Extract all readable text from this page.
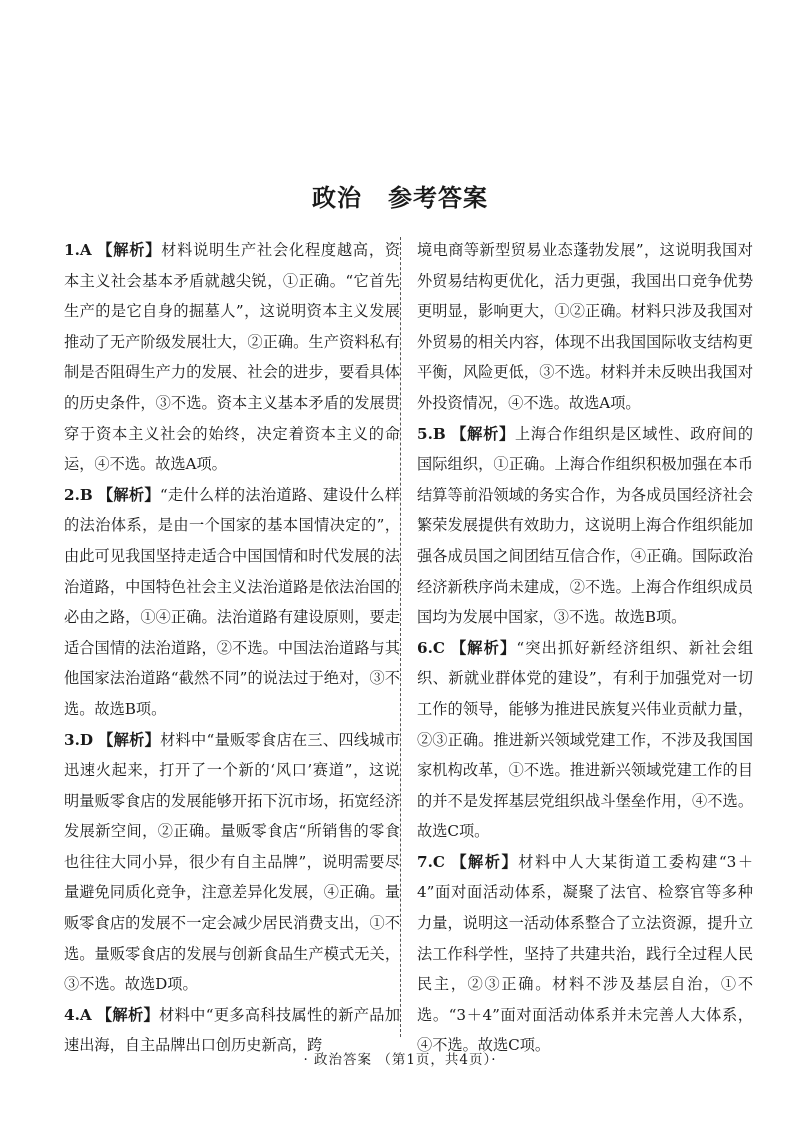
政治 参考答案

1.A 【解析】材料说明生产社会化程度越高，资本主义社会基本矛盾就越尖锐，①正确。“它首先生产的是它自身的掘墓人”，这说明资本主义发展推动了无产阶级发展壮大，②正确。生产资料私有制是否阻碍生产力的发展、社会的进步，要看具体的历史条件，③不选。资本主义基本矛盾的发展贯穿于资本主义社会的始终，决定着资本主义的命运，④不选。故选A项。

2.B 【解析】“走什么样的法治道路、建设什么样的法治体系，是由一个国家的基本国情决定的”，由此可见我国坚持走适合中国国情和时代发展的法治道路，中国特色社会主义法治道路是依法治国的必由之路，①④正确。法治道路有建设原则，要走适合国情的法治道路，②不选。中国法治道路与其他国家法治道路“截然不同”的说法过于绝对，③不选。故选B项。

3.D 【解析】材料中“量贩零食店在三、四线城市迅速火起来，打开了一个新的‘风口’赛道”，这说明量贩零食店的发展能够开拓下沉市场，拓宽经济发展新空间，②正确。量贩零食店“所销售的零食也往往大同小异，很少有自主品牌”，说明需要尽量避免同质化竞争，注意差异化发展，④正确。量贩零食店的发展不一定会减少居民消费支出，①不选。量贩零食店的发展与创新食品生产模式无关，③不选。故选D项。

4.A 【解析】材料中“更多高科技属性的新产品加速出海，自主品牌出口创历史新高，跨

境电商等新型贸易业态蓬勃发展”，这说明我国对外贸易结构更优化，活力更强，我国出口竞争优势更明显，影响更大，①②正确。材料只涉及我国对外贸易的相关内容，体现不出我国国际收支结构更平衡，风险更低，③不选。材料并未反映出我国对外投资情况，④不选。故选A项。

5.B 【解析】上海合作组织是区域性、政府间的国际组织，①正确。上海合作组织积极加强在本币结算等前沿领域的务实合作，为各成员国经济社会繁荣发展提供有效助力，这说明上海合作组织能加强各成员国之间团结互信合作，④正确。国际政治经济新秩序尚未建成，②不选。上海合作组织成员国均为发展中国家，③不选。故选B项。

6.C 【解析】“突出抓好新经济组织、新社会组织、新就业群体党的建设”，有利于加强党对一切工作的领导，能够为推进民族复兴伟业贡献力量，②③正确。推进新兴领域党建工作，不涉及我国国家机构改革，①不选。推进新兴领域党建工作的目的并不是发挥基层党组织战斗堡垒作用，④不选。故选C项。

7.C 【解析】材料中人大某街道工委构建“3＋4”面对面活动体系，凝聚了法官、检察官等多种力量，说明这一活动体系整合了立法资源，提升立法工作科学性，坚持了共建共治，践行全过程人民民主，②③正确。材料不涉及基层自治，①不选。“3＋4”面对面活动体系并未完善人大体系，④不选。故选C项。

· 政治答案 （第1页，共4页）·
